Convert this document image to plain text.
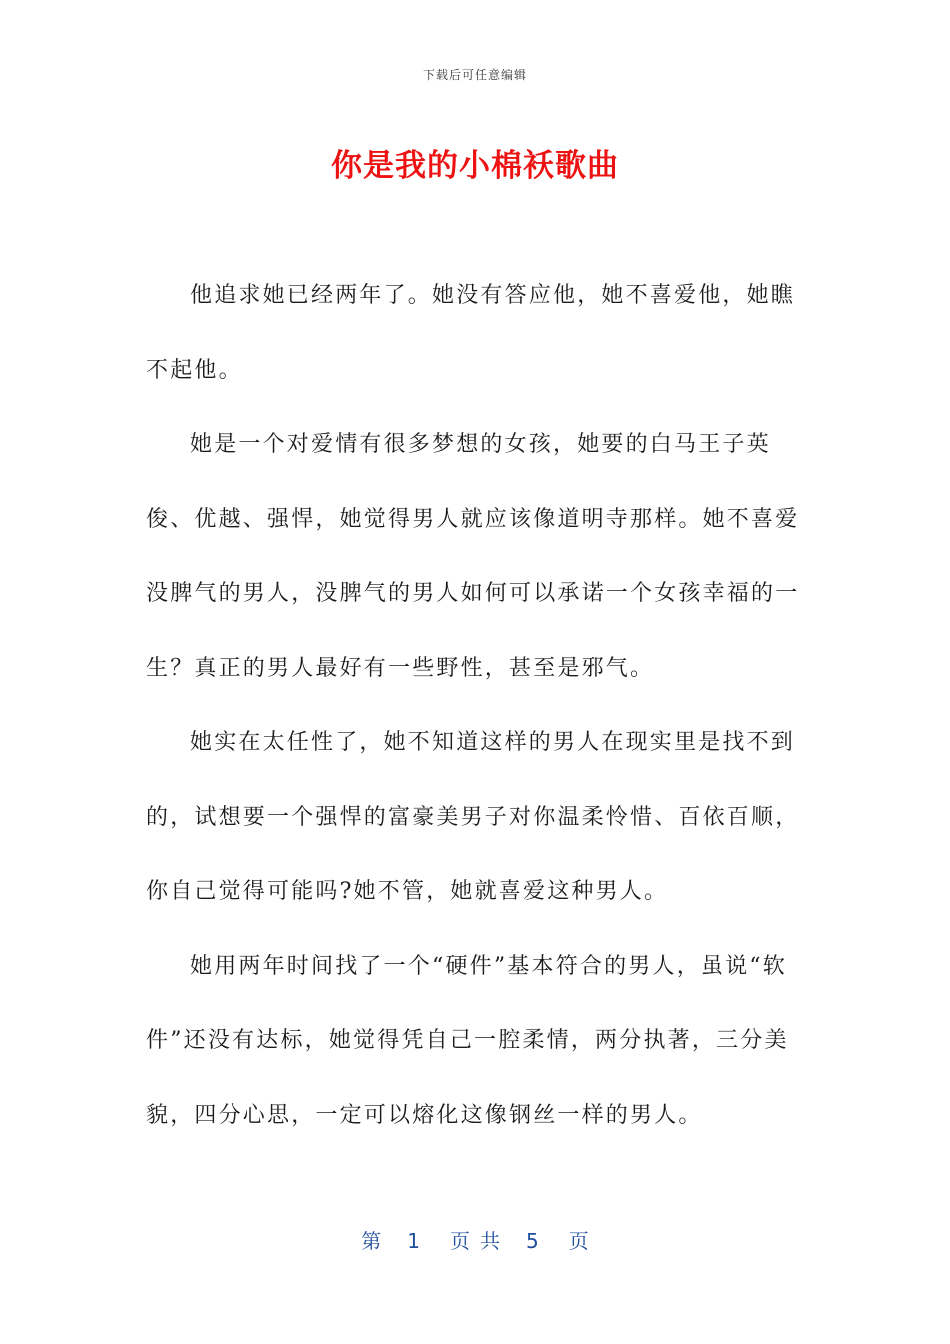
下载后可任意编辑
你是我的小棉袄歌曲

他追求她已经两年了。她没有答应他，她不喜爱他，她瞧不起他。

她是一个对爱情有很多梦想的女孩，她要的白马王子英俊、优越、强悍，她觉得男人就应该像道明寺那样。她不喜爱没脾气的男人，没脾气的男人如何可以承诺一个女孩幸福的一生？真正的男人最好有一些野性，甚至是邪气。

她实在太任性了，她不知道这样的男人在现实里是找不到的，试想要一个强悍的富豪美男子对你温柔怜惜、百依百顺，你自己觉得可能吗?她不管，她就喜爱这种男人。

她用两年时间找了一个“硬件”基本符合的男人，虽说“软件”还没有达标，她觉得凭自己一腔柔情，两分执著，三分美貌，四分心思，一定可以熔化这像钢丝一样的男人。

第 1 页 共 5 页
